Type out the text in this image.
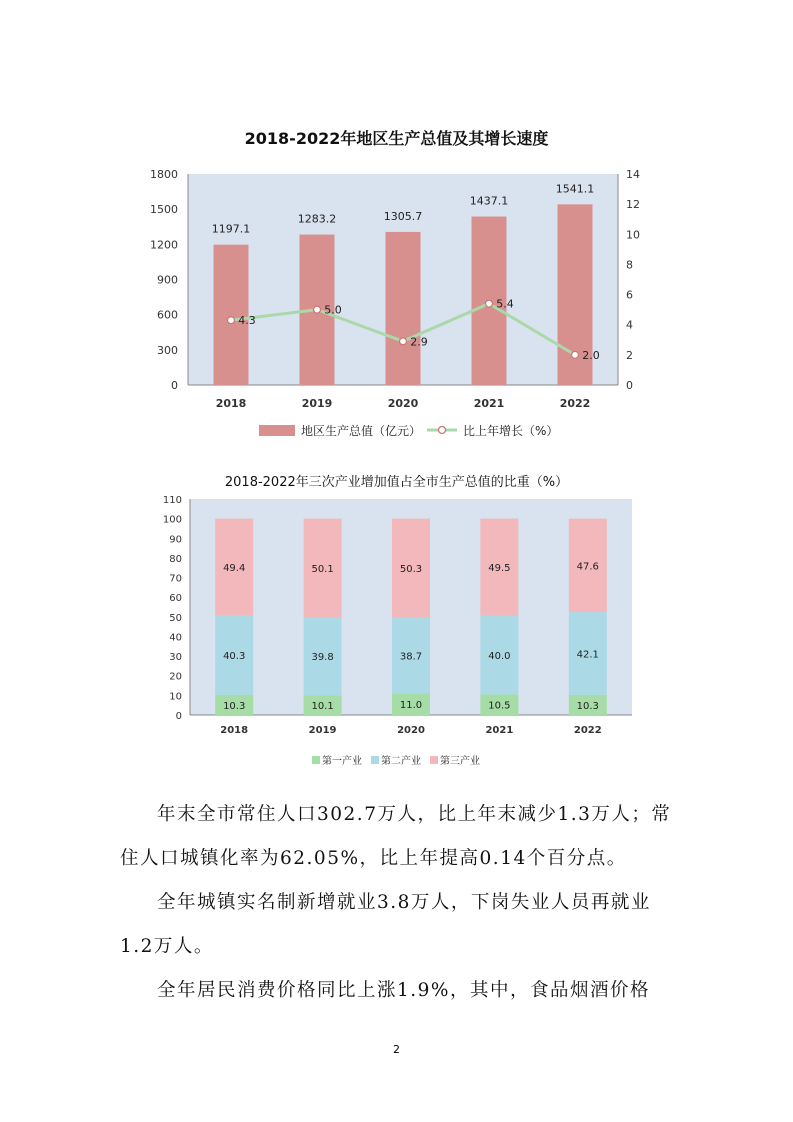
2018-2022年地区生产总值及其增长速度
0
300
600
900
1200
1500
1800
0
2
4
6
8
10
12
14
1197.1
2018
1283.2
2019
1305.7
2020
1437.1
2021
1541.1
2022
4.3
5.0
2.9
5.4
2.0
地区生产总值（亿元）	比上年增长（%）
2018-2022年三次产业增加值占全市生产总值的比重（%）
0
10
20
30
40
50
60
70
80
90
100
110
10.3
40.3
49.4
2018
10.1
39.8
50.1
2019
11.0
38.7
50.3
2020
10.5
40.0
49.5
2021
10.3
42.1
47.6
2022
第一产业 第二产业 第三产业
年末全市常住人口302.7万人，比上年末减少1.3万人；常住人口城镇化率为62.05%，比上年提高0.14个百分点。
全年城镇实名制新增就业3.8万人，下岗失业人员再就业1.2万人。
全年居民消费价格同比上涨1.9%，其中，食品烟酒价格
2
